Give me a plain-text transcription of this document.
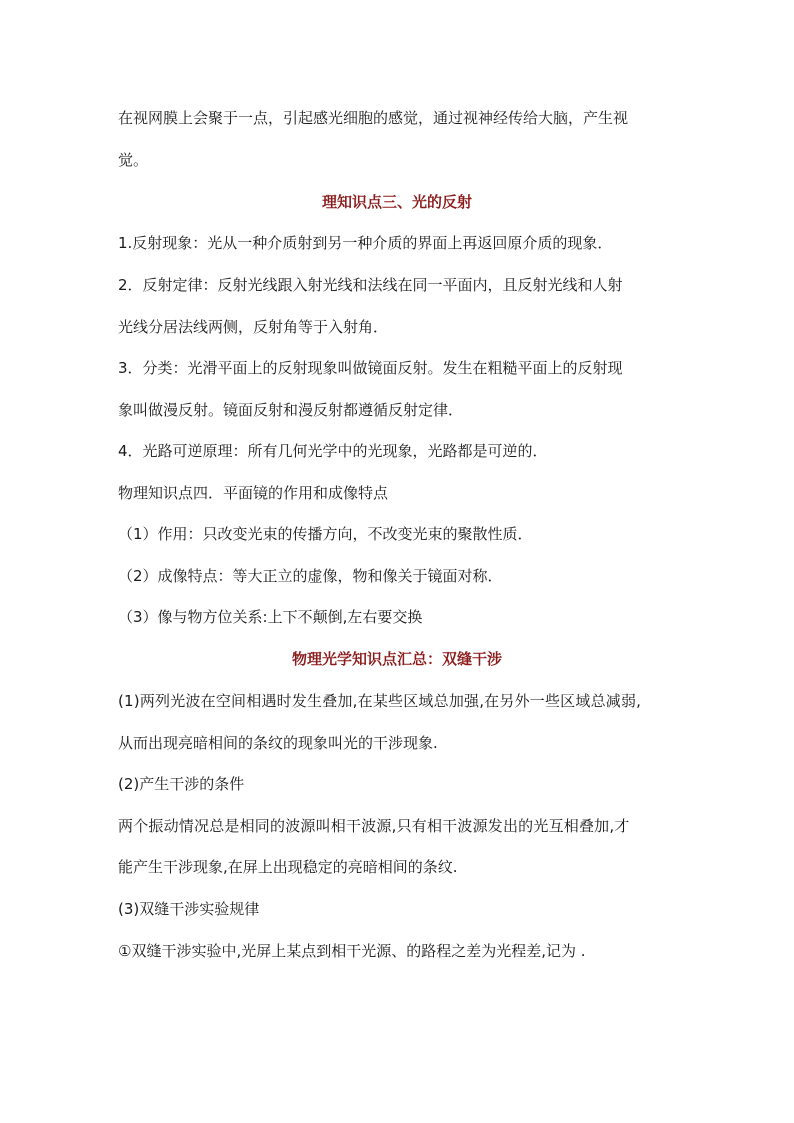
在视网膜上会聚于一点，引起感光细胞的感觉，通过视神经传给大脑，产生视
觉。
理知识点三、光的反射
1.反射现象：光从一种介质射到另一种介质的界面上再返回原介质的现象．
2．反射定律：反射光线跟入射光线和法线在同一平面内，且反射光线和人射
光线分居法线两侧，反射角等于入射角．
3．分类：光滑平面上的反射现象叫做镜面反射。发生在粗糙平面上的反射现
象叫做漫反射。镜面反射和漫反射都遵循反射定律．
4．光路可逆原理：所有几何光学中的光现象，光路都是可逆的．
物理知识点四．平面镜的作用和成像特点
（1）作用：只改变光束的传播方向，不改变光束的聚散性质．
（2）成像特点：等大正立的虚像，物和像关于镜面对称．
（3）像与物方位关系:上下不颠倒,左右要交换
物理光学知识点汇总：双缝干涉
(1)两列光波在空间相遇时发生叠加,在某些区域总加强,在另外一些区域总减弱,
从而出现亮暗相间的条纹的现象叫光的干涉现象.
(2)产生干涉的条件
两个振动情况总是相同的波源叫相干波源,只有相干波源发出的光互相叠加,才
能产生干涉现象,在屏上出现稳定的亮暗相间的条纹.
(3)双缝干涉实验规律
①双缝干涉实验中,光屏上某点到相干光源、的路程之差为光程差,记为 .
